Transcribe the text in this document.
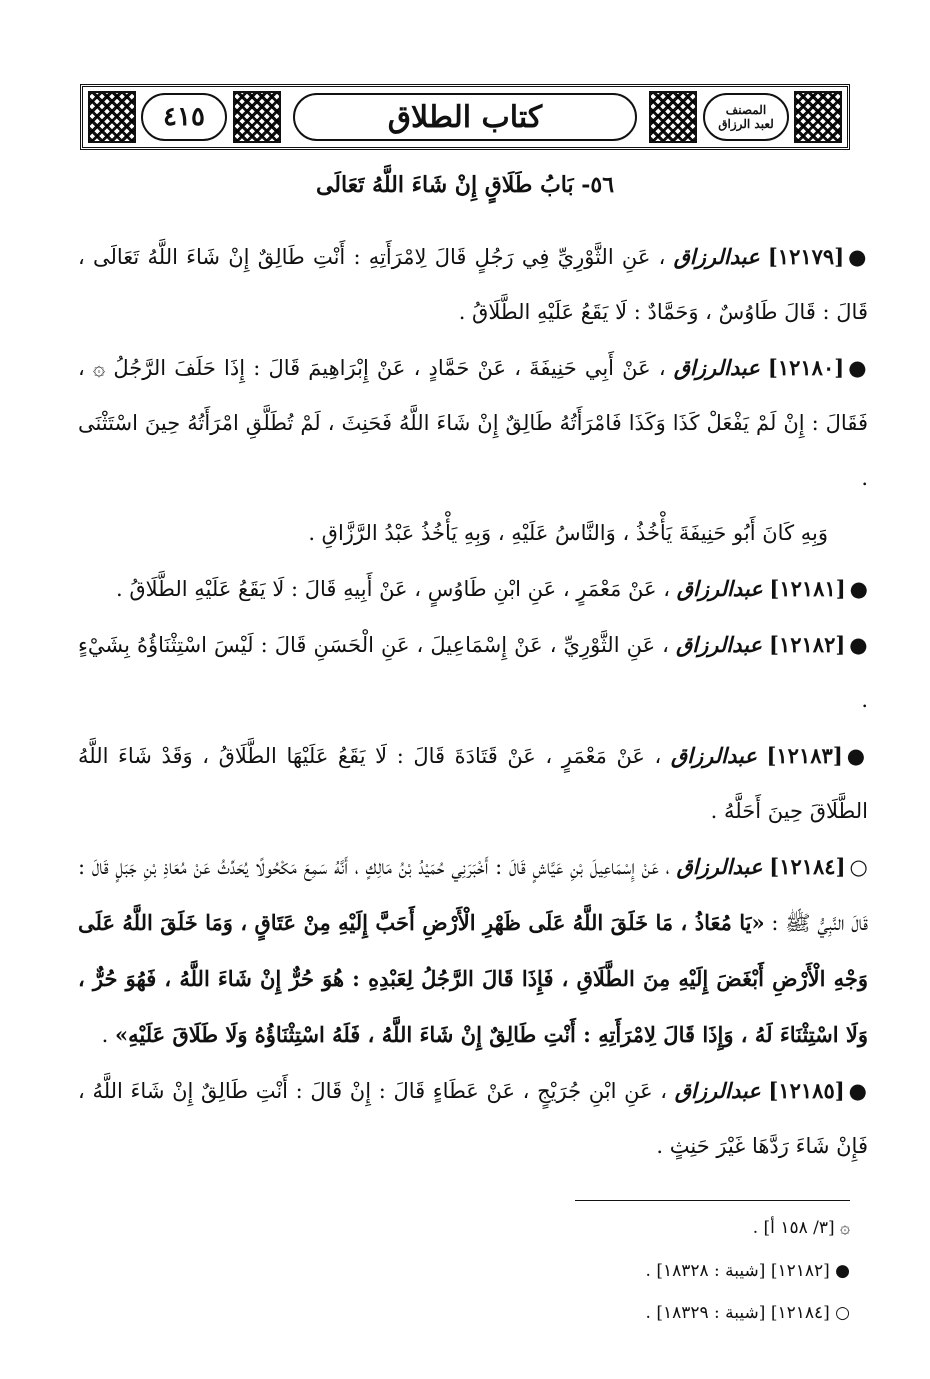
٤١٥	كتاب الطلاق	المصنف
لعبد الرزاق
٥٦- بَابُ طَلَاقٍ إِنْ شَاءَ اللَّهُ تَعَالَى

●[١٢١٧٩] عبدالرزاق ، عَنِ الثَّوْرِيِّ فِي رَجُلٍ قَالَ لِامْرَأَتِهِ : أَنْتِ طَالِقٌ إِنْ شَاءَ اللَّهُ تَعَالَى ، قَالَ : قَالَ طَاوُسٌ ، وَحَمَّادٌ : لَا يَقَعُ عَلَيْهِ الطَّلَاقُ .

●[١٢١٨٠] عبدالرزاق ، عَنْ أَبِي حَنِيفَةَ ، عَنْ حَمَّادٍ ، عَنْ إِبْرَاهِيمَ قَالَ : إِذَا حَلَفَ الرَّجُلُ ۞ ، فَقَالَ : إِنْ لَمْ يَفْعَلْ كَذَا وَكَذَا فَامْرَأَتُهُ طَالِقٌ إِنْ شَاءَ اللَّهُ فَحَنِثَ ، لَمْ تُطَلَّقِ امْرَأَتُهُ حِينَ اسْتَثْنَى .

وَبِهِ كَانَ أَبُو حَنِيفَةَ يَأْخُذُ ، وَالنَّاسُ عَلَيْهِ ، وَبِهِ يَأْخُذُ عَبْدُ الرَّزَّاقِ .

●[١٢١٨١] عبدالرزاق ، عَنْ مَعْمَرٍ ، عَنِ ابْنِ طَاوُسٍ ، عَنْ أَبِيهِ قَالَ : لَا يَقَعُ عَلَيْهِ الطَّلَاقُ .

●[١٢١٨٢] عبدالرزاق ، عَنِ الثَّوْرِيِّ ، عَنْ إِسْمَاعِيلَ ، عَنِ الْحَسَنِ قَالَ : لَيْسَ اسْتِثْنَاؤُهُ بِشَيْءٍ .

●[١٢١٨٣] عبدالرزاق ، عَنْ مَعْمَرٍ ، عَنْ قَتَادَةَ قَالَ : لَا يَقَعُ عَلَيْهَا الطَّلَاقُ ، وَقَدْ شَاءَ اللَّهُ الطَّلَاقَ حِينَ أَحَلَّهُ .

○[١٢١٨٤] عبدالرزاق ، عَنْ إِسْمَاعِيلَ بْنِ عَيَّاشٍ قَالَ : أَخْبَرَنِي حُمَيْدُ بْنُ مَالِكٍ ، أَنَّهُ سَمِعَ مَكْحُولًا يُحَدِّثُ عَنْ مُعَاذِ بْنِ جَبَلٍ قَالَ : قَالَ النَّبِيُّ ﷺ : «يَا مُعَاذُ ، مَا خَلَقَ اللَّهُ عَلَى ظَهْرِ الْأَرْضِ أَحَبَّ إِلَيْهِ مِنْ عَتَاقٍ ، وَمَا خَلَقَ اللَّهُ عَلَى وَجْهِ الْأَرْضِ أَبْغَضَ إِلَيْهِ مِنَ الطَّلَاقِ ، فَإِذَا قَالَ الرَّجُلُ لِعَبْدِهِ : هُوَ حُرٌّ إِنْ شَاءَ اللَّهُ ، فَهُوَ حُرٌّ ، وَلَا اسْتِثْنَاءَ لَهُ ، وَإِذَا قَالَ لِامْرَأَتِهِ : أَنْتِ طَالِقٌ إِنْ شَاءَ اللَّهُ ، فَلَهُ اسْتِثْنَاؤُهُ وَلَا طَلَاقَ عَلَيْهِ» .

●[١٢١٨٥] عبدالرزاق ، عَنِ ابْنِ جُرَيْجٍ ، عَنْ عَطَاءٍ قَالَ : إِنْ قَالَ : أَنْتِ طَالِقٌ إِنْ شَاءَ اللَّهُ ، فَإِنْ شَاءَ رَدَّهَا غَيْرَ حَنِثٍ .

۞ [٣/ ١٥٨ أ] .
● [١٢١٨٢] [شيبة : ١٨٣٢٨] .
○ [١٢١٨٤] [شيبة : ١٨٣٢٩] .
